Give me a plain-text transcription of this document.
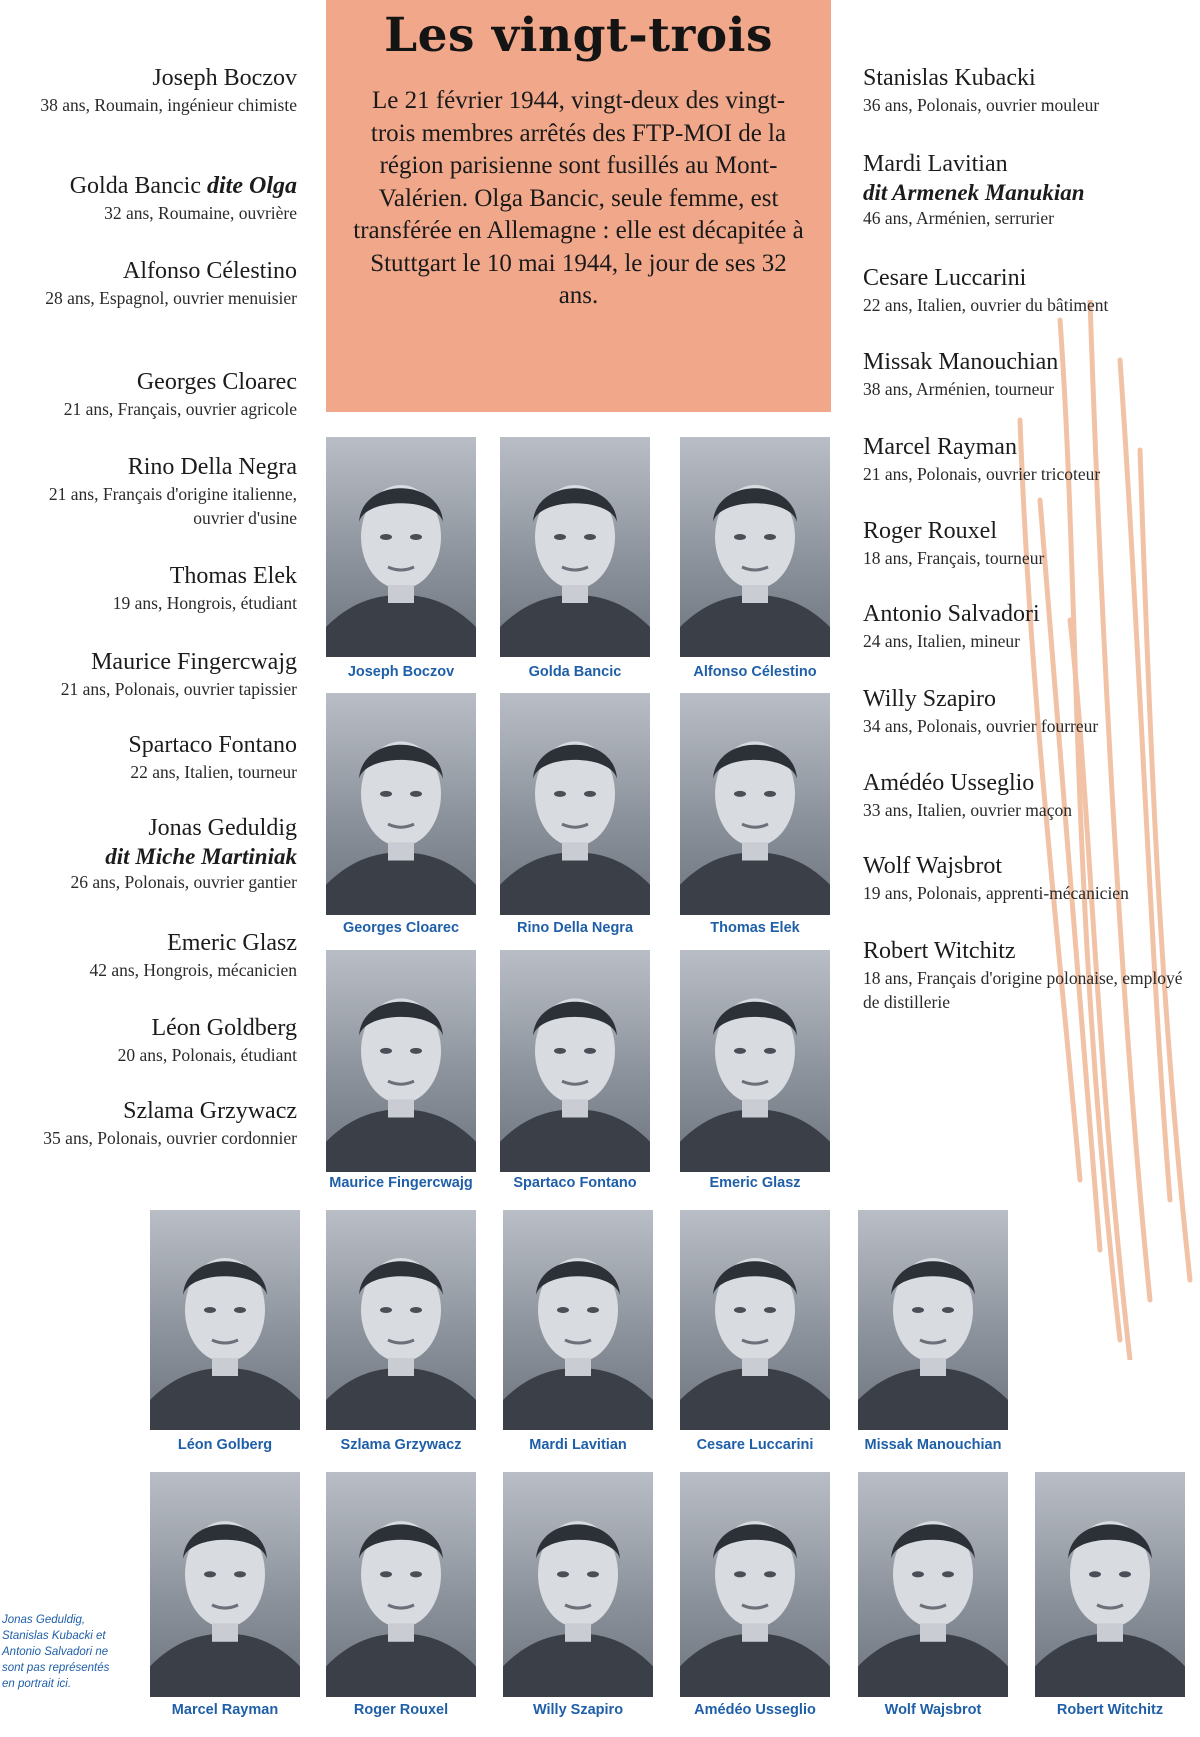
Les vingt-trois

Le 21 février 1944, vingt-deux des vingt-trois membres arrêtés des FTP-MOI de la région parisienne sont fusillés au Mont-Valérien. Olga Bancic, seule femme, est transférée en Allemagne : elle est décapitée à Stuttgart le 10 mai 1944, le jour de ses 32 ans.

Joseph Boczov
38 ans, Roumain, ingénieur chimiste
Golda Bancic dite Olga
32 ans, Roumaine, ouvrière
Alfonso Célestino
28 ans, Espagnol, ouvrier menuisier
Georges Cloarec
21 ans, Français, ouvrier agricole
Rino Della Negra
21 ans, Français d'origine italienne, ouvrier d'usine
Thomas Elek
19 ans, Hongrois, étudiant
Maurice Fingercwajg
21 ans, Polonais, ouvrier tapissier
Spartaco Fontano
22 ans, Italien, tourneur
Jonas Geduldig
dit Miche Martiniak
26 ans, Polonais, ouvrier gantier
Emeric Glasz
42 ans, Hongrois, mécanicien
Léon Goldberg
20 ans, Polonais, étudiant
Szlama Grzywacz
35 ans, Polonais, ouvrier cordonnier
Stanislas Kubacki
36 ans, Polonais, ouvrier mouleur
Mardi Lavitian
dit Armenek Manukian
46 ans, Arménien, serrurier
Cesare Luccarini
22 ans, Italien, ouvrier du bâtiment
Missak Manouchian
38 ans, Arménien, tourneur
Marcel Rayman
21 ans, Polonais, ouvrier tricoteur
Roger Rouxel
18 ans, Français, tourneur
Antonio Salvadori
24 ans, Italien, mineur
Willy Szapiro
34 ans, Polonais, ouvrier fourreur
Amédéo Usseglio
33 ans, Italien, ouvrier maçon
Wolf Wajsbrot
19 ans, Polonais, apprenti-mécanicien
Robert Witchitz
18 ans, Français d'origine polonaise, employé de distillerie
Joseph Boczov	Golda Bancic	Alfonso Célestino
Georges Cloarec	Rino Della Negra	Thomas Elek
Maurice Fingercwajg	Spartaco Fontano	Emeric Glasz
Léon Golberg	Szlama Grzywacz	Mardi Lavitian	Cesare Luccarini	Missak Manouchian
Marcel Rayman	Roger Rouxel	Willy Szapiro	Amédéo Usseglio	Wolf Wajsbrot	Robert Witchitz
Jonas Geduldig, Stanislas Kubacki et Antonio Salvadori ne sont pas représentés en portrait ici.
